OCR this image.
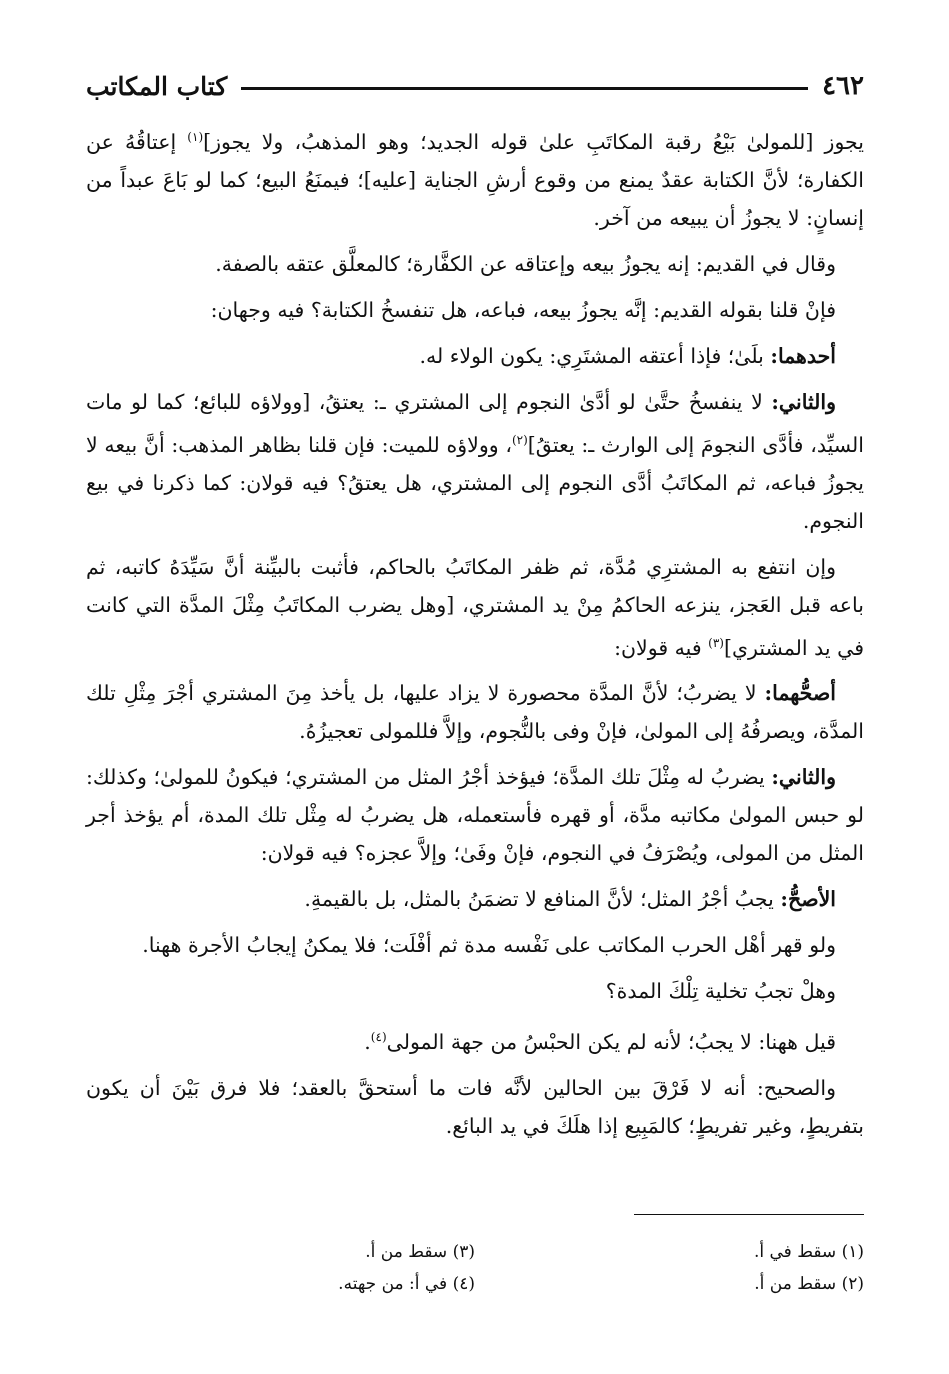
٤٦٢
كتاب المكاتب

يجوز [للمولىٰ بَيْعُ رقبة المكاتَبِ علىٰ قوله الجديد؛ وهو المذهبُ، ولا يجوز]$^{(١)}$ إعتاقُهُ عن الكفارة؛ لأنَّ الكتابة عقدٌ يمنع من وقوع أرشِ الجناية [عليه]؛ فيمنَعُ البيع؛ كما لو بَاعَ عبداً من إنسانٍ: لا يجوزُ أن يبيعه من آخر.

وقال في القديم: إنه يجوزُ بيعه وإعتاقه عن الكفَّارة؛ كالمعلَّق عتقه بالصفة.

فإنْ قلنا بقوله القديم: إنَّه يجوزُ بيعه، فباعه، هل تنفسخُ الكتابة؟ فيه وجهان:

أحدهما: بلَىٰ؛ فإذا أعتقه المشتَرِي: يكون الولاء له.

والثاني: لا ينفسخُ حتَّىٰ لو أدَّىٰ النجوم إلى المشتري ـ: يعتقُ، [وولاؤه للبائع؛ كما لو مات السيِّد، فأدَّى النجومَ إلى الوارث ـ: يعتقُ]$^{(٢)}$، وولاؤه للميت: فإن قلنا بظاهر المذهب: أنَّ بيعه لا يجوزُ فباعه، ثم المكاتَبُ أدَّى النجوم إلى المشتري، هل يعتقُ؟ فيه قولان: كما ذكرنا في بيع النجوم.

وإن انتفع به المشترِي مُدَّة، ثم ظفر المكاتَبُ بالحاكم، فأثبت بالبيِّنة أنَّ سَيِّدَهُ كاتبه، ثم باعه قبل العَجز، ينزعه الحاكمُ مِنْ يد المشتري، [وهل يضرب المكاتَبُ مِثْلَ المدَّة التي كانت في يد المشتري]$^{(٣)}$ فيه قولان:

أصحُّهما: لا يضربُ؛ لأنَّ المدَّة محصورة لا يزاد عليها، بل يأخذ مِنَ المشتري أجْرَ مِثْلِ تلك المدَّة، ويصرفُهُ إلى المولىٰ، فإنْ وفى بالنُّجوم، وإلاَّ فللمولى تعجيزُهُ.

والثاني: يضربُ له مِثْلَ تلك المدَّة؛ فيؤخذ أجْرُ المثل من المشتري؛ فيكونُ للمولىٰ؛ وكذلك: لو حبس المولىٰ مكاتبه مدَّة، أو قهره فأستعمله، هل يضربُ له مِثْل تلك المدة، أم يؤخذ أجر المثل من المولى، ويُصْرَفُ في النجوم، فإنْ وفَىٰ؛ وإلاَّ عجزه؟ فيه قولان:

الأصحُّ: يجبُ أجْرُ المثل؛ لأنَّ المنافع لا تضمَنُ بالمثل، بل بالقيمةِ.

ولو قهر أهْل الحرب المكاتب على نَفْسه مدة ثم أفْلَت؛ فلا يمكنُ إيجابُ الأجرة ههنا.

وهلْ تجبُ تخلية تِلْكَ المدة؟

قيل ههنا: لا يجبُ؛ لأنه لم يكن الحبْسُ من جهة المولى$^{(٤)}$.

والصحيح: أنه لا فَرْقَ بين الحالين لأنَّه فات ما أستحقَّ بالعقد؛ فلا فرق بَيْنَ أن يكون بتفريطٍ، وغير تفريطٍ؛ كالمَبِيع إذا هلَكَ في يد البائع.

(١) سقط في أ.
(٣) سقط من أ.
(٢) سقط من أ.
(٤) في أ: من جهته.
